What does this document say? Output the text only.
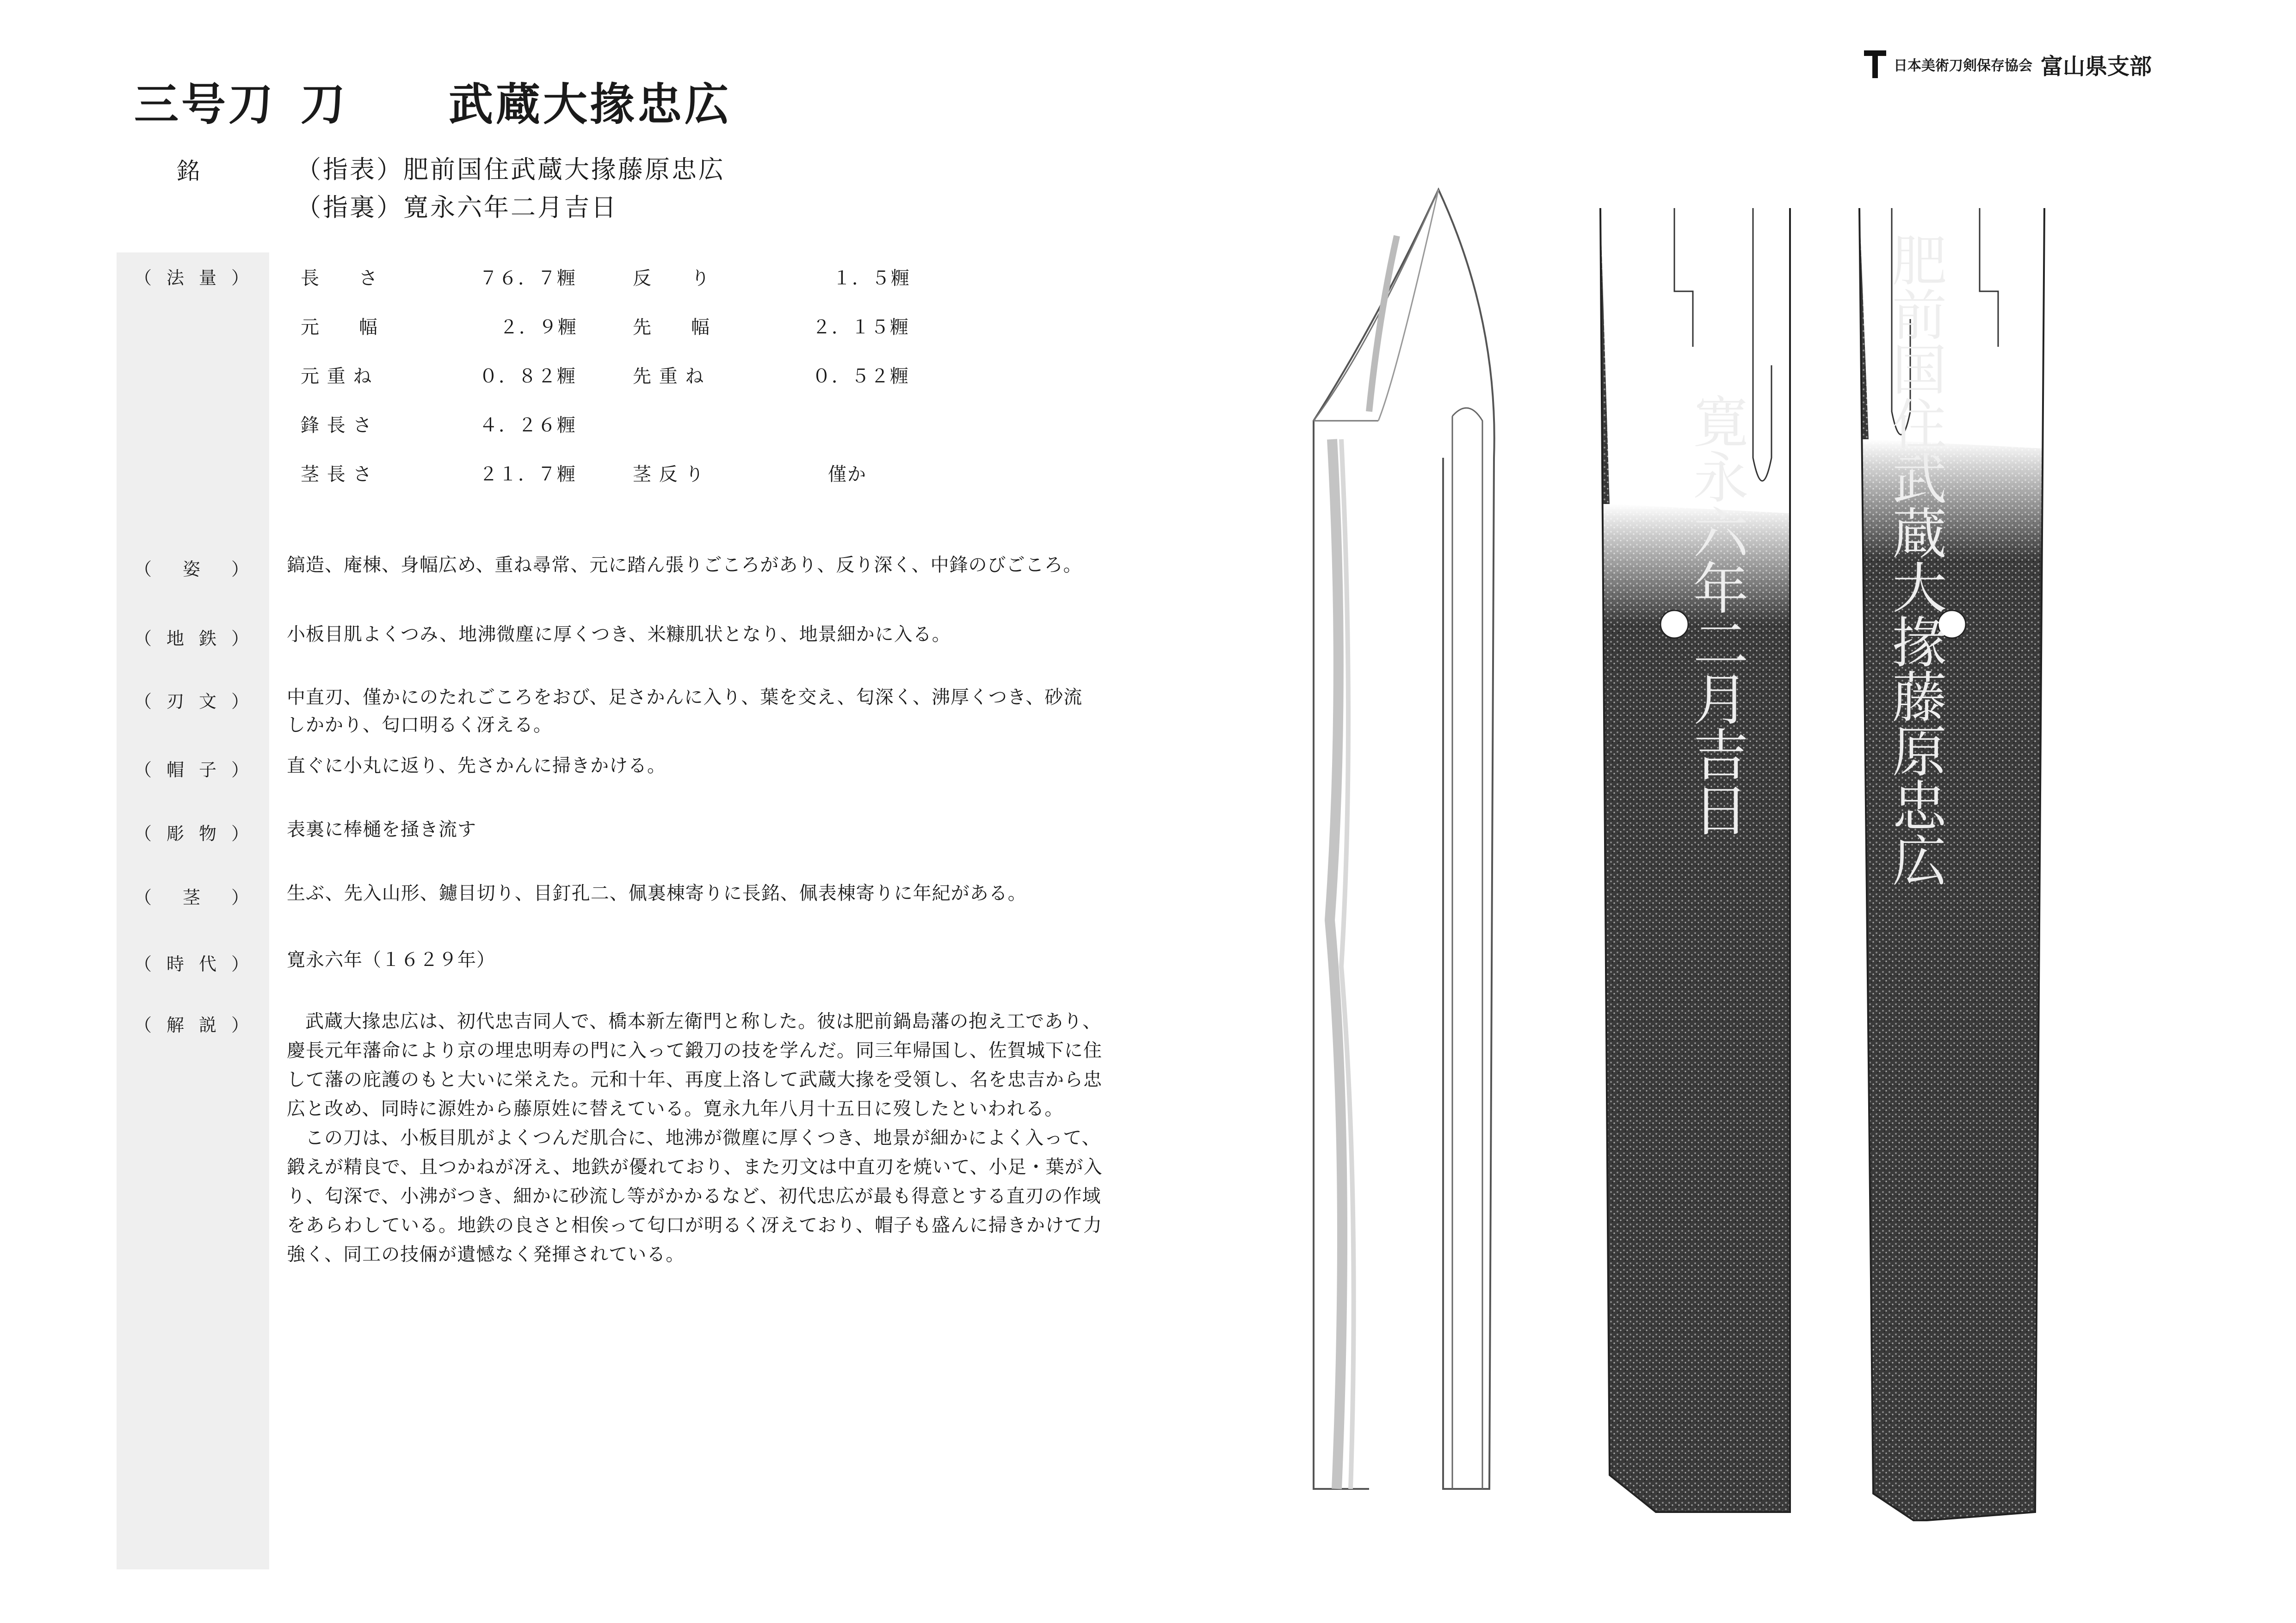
三号刀 刀 武蔵大掾忠広
日本美術刀剣保存協会 富山県支部
銘	（指表）肥前国住武蔵大掾藤原忠広
（指裏）寛永六年二月吉日
（ 法 量 ）	長　　さ	７６．７糎	反　　り	１．５糎
元　　幅	２．９糎	先　　幅	２．１５糎
元 重 ね	０．８２糎	先 重 ね	０．５２糎
鋒 長 さ	４．２６糎
茎 長 さ	２１．７糎	茎 反 り	僅か
（ 姿 ） 鎬造、庵棟、身幅広め、重ね尋常、元に踏ん張りごころがあり、反り深く、中鋒のびごころ。
（ 地 鉄 ） 小板目肌よくつみ、地沸微塵に厚くつき、米糠肌状となり、地景細かに入る。
（ 刃 文 ） 中直刃、僅かにのたれごころをおび、足さかんに入り、葉を交え、匂深く、沸厚くつき、砂流しかかり、匂口明るく冴える。
（ 帽 子 ） 直ぐに小丸に返り、先さかんに掃きかける。
（ 彫 物 ） 表裏に棒樋を掻き流す
（ 茎 ） 生ぶ、先入山形、鑢目切り、目釘孔二、佩裏棟寄りに長銘、佩表棟寄りに年紀がある。
（ 時 代 ） 寛永六年（１６２９年）
（ 解 説 ）	武蔵大掾忠広は、初代忠吉同人で、橋本新左衛門と称した。彼は肥前鍋島藩の抱え工であり、慶長元年藩命により京の埋忠明寿の門に入って鍛刀の技を学んだ。同三年帰国し、佐賀城下に住して藩の庇護のもと大いに栄えた。元和十年、再度上洛して武蔵大掾を受領し、名を忠吉から忠広と改め、同時に源姓から藤原姓に替えている。寛永九年八月十五日に歿したといわれる。

この刀は、小板目肌がよくつんだ肌合に、地沸が微塵に厚くつき、地景が細かによく入って、鍛えが精良で、且つかねが冴え、地鉄が優れており、また刃文は中直刃を焼いて、小足・葉が入り、匂深で、小沸がつき、細かに砂流し等がかかるなど、初代忠広が最も得意とする直刃の作域をあらわしている。地鉄の良さと相俟って匂口が明るく冴えており、帽子も盛んに掃きかけて力強く、同工の技倆が遺憾なく発揮されている。

寛永六年二月吉日 肥前国住武蔵大掾藤原忠広
